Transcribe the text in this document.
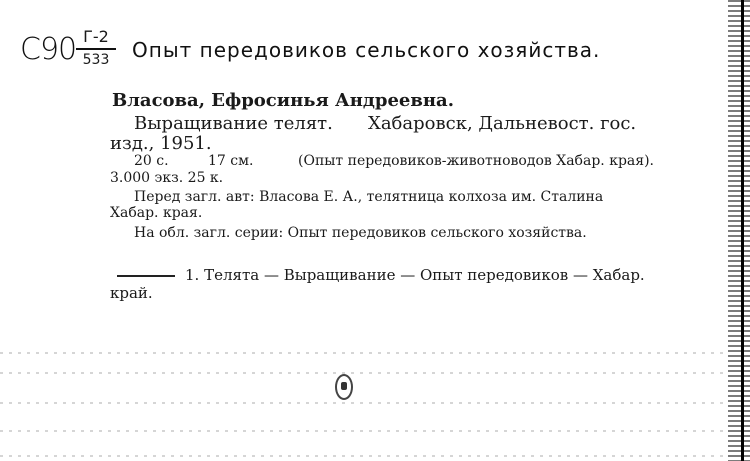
С90 Г-2
533	Опыт передовиков сельского хозяйства.
Власова, Ефросинья Андреевна.
Выращивание телят. Хабаровск, Дальневост. гос.
изд., 1951.
20 с.	17 см.	(Опыт передовиков-животноводов Хабар. края).
3.000 экз. 25 к.
Перед загл. авт: Власова Е. А., телятница колхоза им. Сталина
Хабар. края.
На обл. загл. серии: Опыт передовиков сельского хозяйства.
1. Телята — Выращивание — Опыт передовиков — Хабар.
край.
